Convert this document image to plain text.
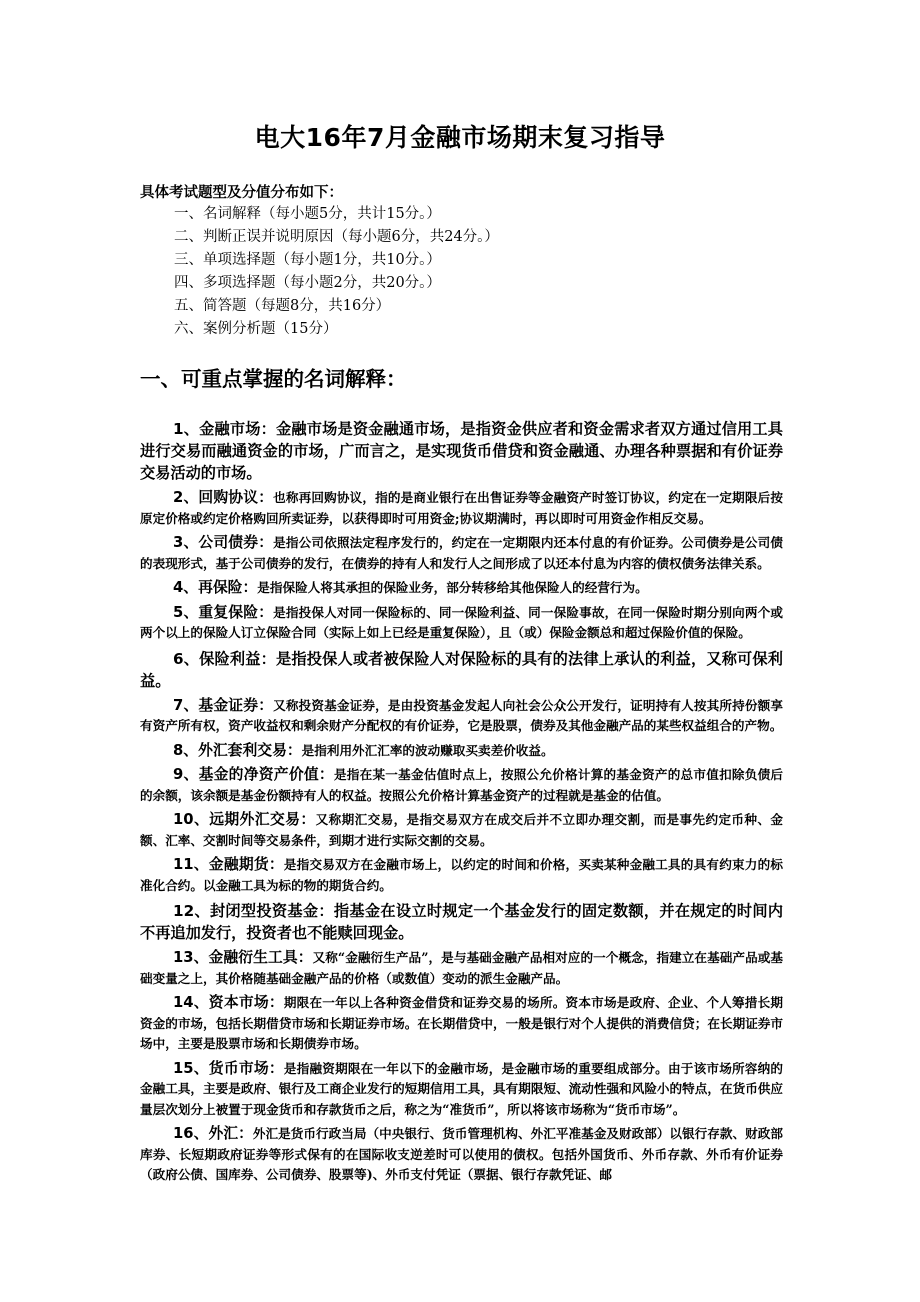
电大16年7月金融市场期末复习指导
具体考试题型及分值分布如下：
一、名词解释（每小题5分，共计15分。）
二、判断正误并说明原因（每小题6分，共24分。）
三、单项选择题（每小题1分，共10分。）
四、多项选择题（每小题2分，共20分。）
五、简答题（每题8分，共16分）
六、案例分析题（15分）
一、可重点掌握的名词解释：

1、金融市场：金融市场是资金融通市场，是指资金供应者和资金需求者双方通过信用工具进行交易而融通资金的市场，广而言之，是实现货币借贷和资金融通、办理各种票据和有价证券交易活动的市场。

2、回购协议：也称再回购协议，指的是商业银行在出售证券等金融资产时签订协议，约定在一定期限后按原定价格或约定价格购回所卖证券，以获得即时可用资金;协议期满时，再以即时可用资金作相反交易。

3、公司债券：是指公司依照法定程序发行的，约定在一定期限内还本付息的有价证券。公司债券是公司债的表现形式，基于公司债券的发行，在债券的持有人和发行人之间形成了以还本付息为内容的债权债务法律关系。

4、再保险：是指保险人将其承担的保险业务，部分转移给其他保险人的经营行为。

5、重复保险：是指投保人对同一保险标的、同一保险利益、同一保险事故，在同一保险时期分别向两个或两个以上的保险人订立保险合同（实际上如上已经是重复保险），且（或）保险金额总和超过保险价值的保险。

6、保险利益：是指投保人或者被保险人对保险标的具有的法律上承认的利益，又称可保利益。

7、基金证券：又称投资基金证券，是由投资基金发起人向社会公众公开发行，证明持有人按其所持份额享有资产所有权，资产收益权和剩余财产分配权的有价证券，它是股票，债券及其他金融产品的某些权益组合的产物。

8、外汇套利交易：是指利用外汇汇率的波动赚取买卖差价收益。

9、基金的净资产价值：是指在某一基金估值时点上，按照公允价格计算的基金资产的总市值扣除负债后的余额，该余额是基金份额持有人的权益。按照公允价格计算基金资产的过程就是基金的估值。

10、远期外汇交易：又称期汇交易，是指交易双方在成交后并不立即办理交割，而是事先约定币种、金额、汇率、交割时间等交易条件，到期才进行实际交割的交易。

11、金融期货：是指交易双方在金融市场上，以约定的时间和价格，买卖某种金融工具的具有约束力的标准化合约。以金融工具为标的物的期货合约。

12、封闭型投资基金：指基金在设立时规定一个基金发行的固定数额，并在规定的时间内不再追加发行，投资者也不能赎回现金。

13、金融衍生工具：又称“金融衍生产品”，是与基础金融产品相对应的一个概念，指建立在基础产品或基础变量之上，其价格随基础金融产品的价格（或数值）变动的派生金融产品。

14、资本市场：期限在一年以上各种资金借贷和证券交易的场所。资本市场是政府、企业、个人筹措长期资金的市场，包括长期借贷市场和长期证券市场。在长期借贷中，一般是银行对个人提供的消费信贷；在长期证券市场中，主要是股票市场和长期债券市场。

15、货币市场：是指融资期限在一年以下的金融市场，是金融市场的重要组成部分。由于该市场所容纳的金融工具，主要是政府、银行及工商企业发行的短期信用工具，具有期限短、流动性强和风险小的特点，在货币供应量层次划分上被置于现金货币和存款货币之后，称之为“准货币”，所以将该市场称为“货币市场”。

16、外汇：外汇是货币行政当局（中央银行、货币管理机构、外汇平准基金及财政部）以银行存款、财政部库券、长短期政府证券等形式保有的在国际收支逆差时可以使用的债权。包括外国货币、外币存款、外币有价证券（政府公债、国库券、公司债券、股票等)、外币支付凭证（票据、银行存款凭证、邮
